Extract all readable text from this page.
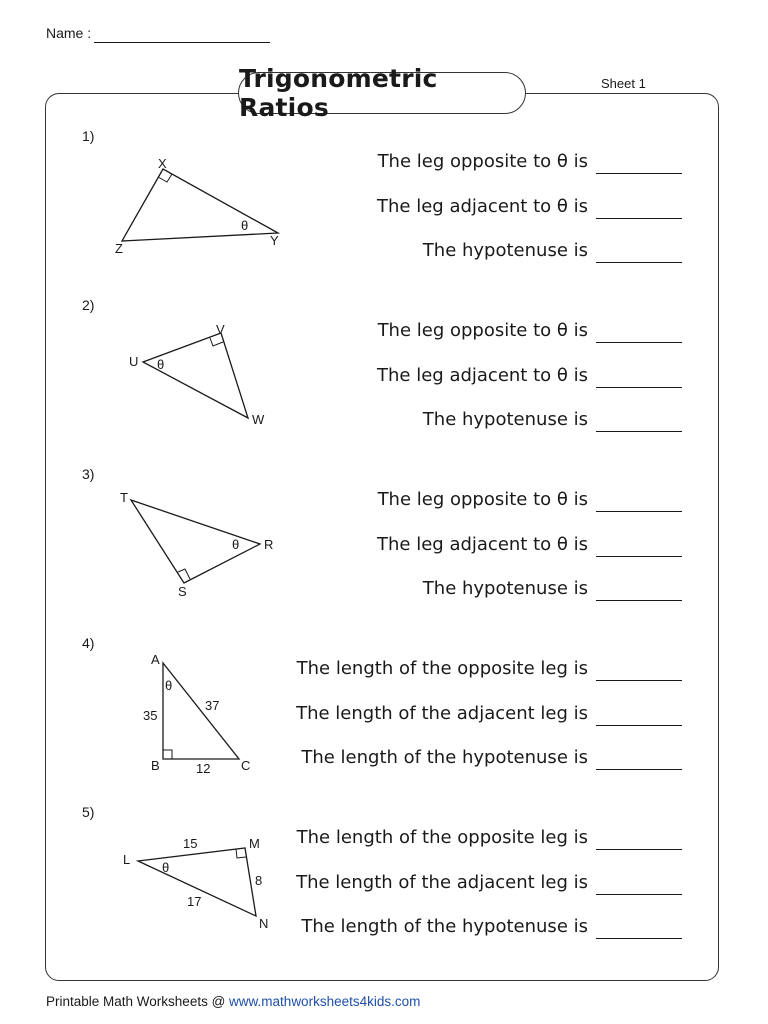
Name :
Sheet 1
Trigonometric Ratios
1)
X
Z
Y
θ
The leg opposite to θ is
The leg adjacent to θ is
The hypotenuse is
2)
V
U
W
θ
The leg opposite to θ is
The leg adjacent to θ is
The hypotenuse is
3)
T
R
S
θ
The leg opposite to θ is
The leg adjacent to θ is
The hypotenuse is
4)
A
B	C
θ
35
37
12
The length of the opposite leg is
The length of the adjacent leg is
The length of the hypotenuse is
5)
L
M
N
θ
15
8
17
The length of the opposite leg is
The length of the adjacent leg is
The length of the hypotenuse is
Printable Math Worksheets @ www.mathworksheets4kids.com
